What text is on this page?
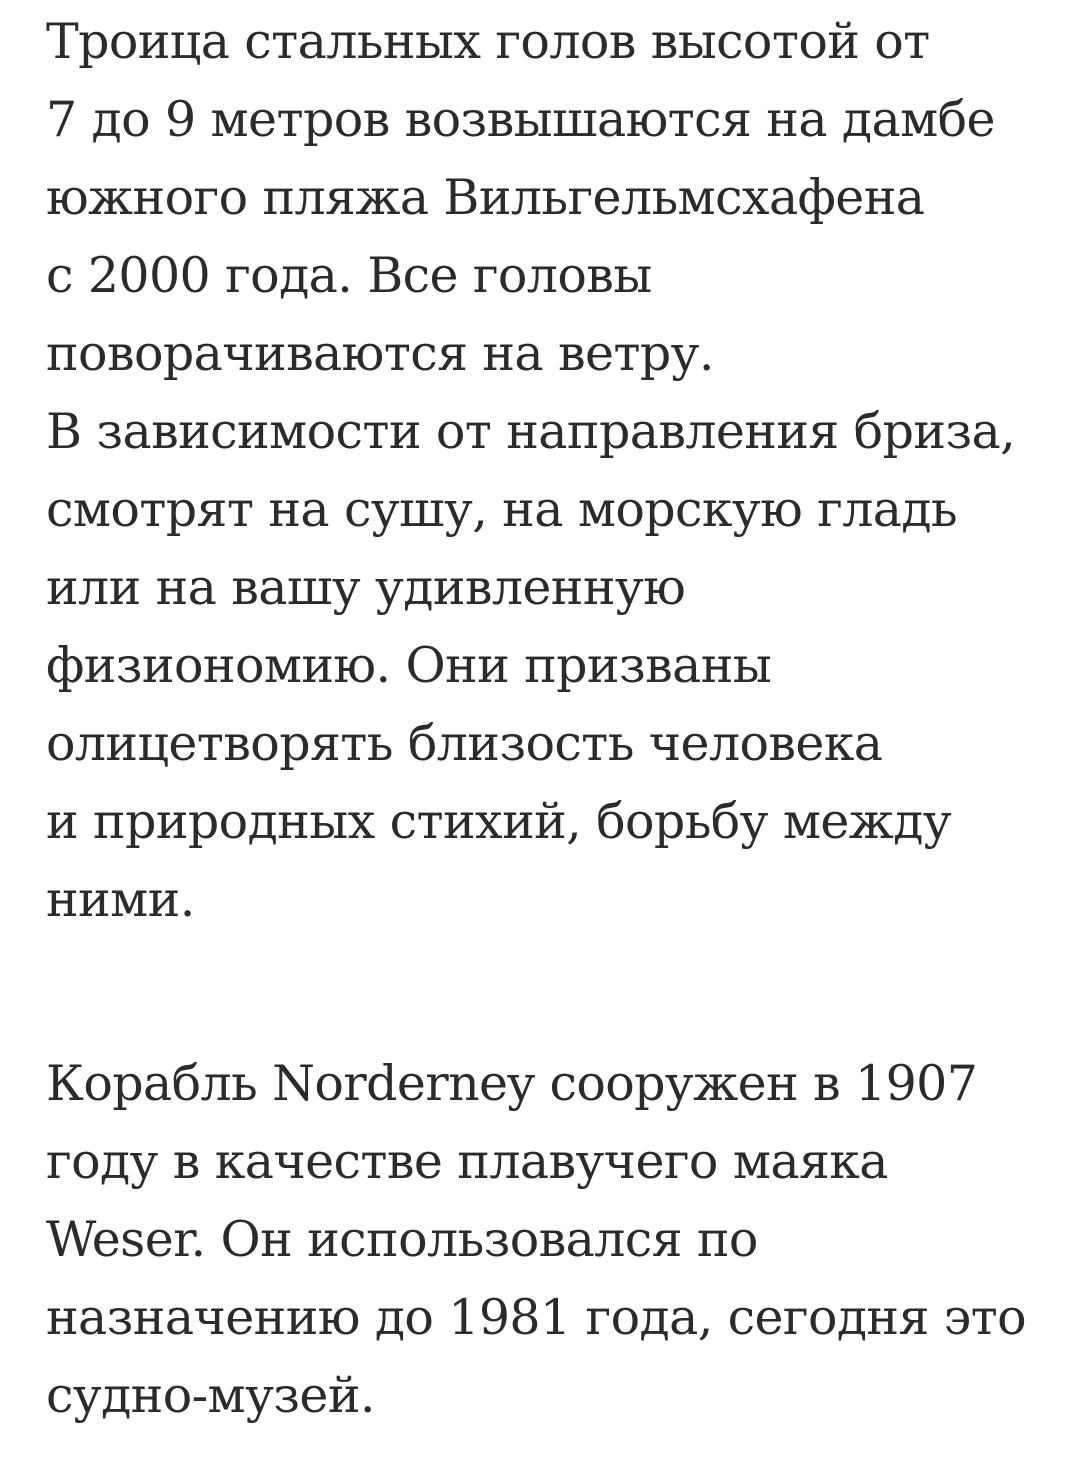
Троица стальных голов высотой от
7 до 9 метров возвышаются на дамбе
южного пляжа Вильгельмсхафена
с 2000 года. Все головы
поворачиваются на ветру.
В зависимости от направления бриза,
смотрят на сушу, на морскую гладь
или на вашу удивленную
физиономию. Они призваны
олицетворять близость человека
и природных стихий, борьбу между
ними.
Корабль Norderney сооружен в 1907
году в качестве плавучего маяка
Weser. Он использовался по
назначению до 1981 года, сегодня это
судно-музей.
